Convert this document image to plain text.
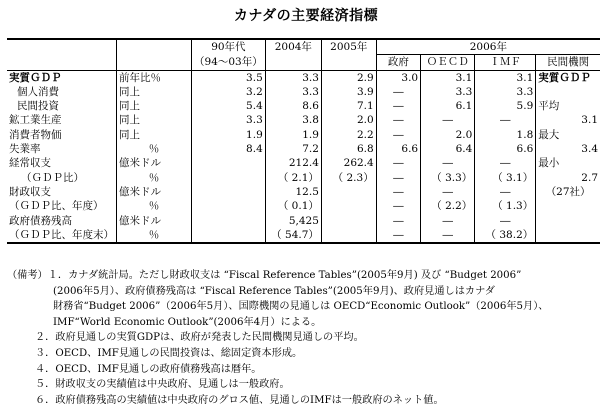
カナダの主要経済指標
		90年代	2004年	2005年	2006年			
		（94〜03年）			政府	ＯＥＣＤ	ＩＭＦ	民間機関
実質ＧＤＰ	前年比％	3.5	3.3	2.9	3.0	3.1	3.1	実質ＧＤＰ
個人消費	同上	3.2	3.3	3.9	―	3.3	3.3	
民間投資	同上	5.4	8.6	7.1	―	6.1	5.9	平均
鉱工業生産	同上	3.3	3.8	2.0	―	―	―	3.1
消費者物価	同上	1.9	1.9	2.2	―	2.0	1.8	最大
失業率	％	8.4	7.2	6.8	6.6	6.4	6.6	3.4
経常収支	億米ドル		212.4	262.4	―	―	―	最小
（ＧＤＰ比）	％		（ 2.1）	（ 2.3）	―	（ 3.3）	（ 3.1）	2.7
財政収支	億米ドル		12.5		―	―	―	（27社）
（ＧＤＰ比、年度）	％		（ 0.1）		―	（ 2.2）	（ 1.3）	
政府債務残高	億米ドル		5,425		―	―	―	
（ＧＤＰ比、年度末）	％		（ 54.7）		―	―	（ 38.2）	
（備考）１．カナダ統計局。ただし財政収支は “Fiscal Reference Tables”(2005年9月) 及び “Budget 2006”
(2006年5月）、政府債務残高は “Fiscal Reference Tables”(2005年9月)、政府見通しはカナダ
財務省“Budget 2006”（2006年5月）、国際機関の見通しは OECD“Economic Outlook”（2006年5月）、
IMF“World Economic Outlook”(2006年4月）による。
２．政府見通しの実質GDPは、政府が発表した民間機関見通しの平均。
３．OECD、IMF見通しの民間投資は、総固定資本形成。
４．OECD、IMF見通しの政府債務残高は暦年。
５．財政収支の実績値は中央政府、見通しは一般政府。
６．政府債務残高の実績値は中央政府のグロス値、見通しのIMFは一般政府のネット値。
